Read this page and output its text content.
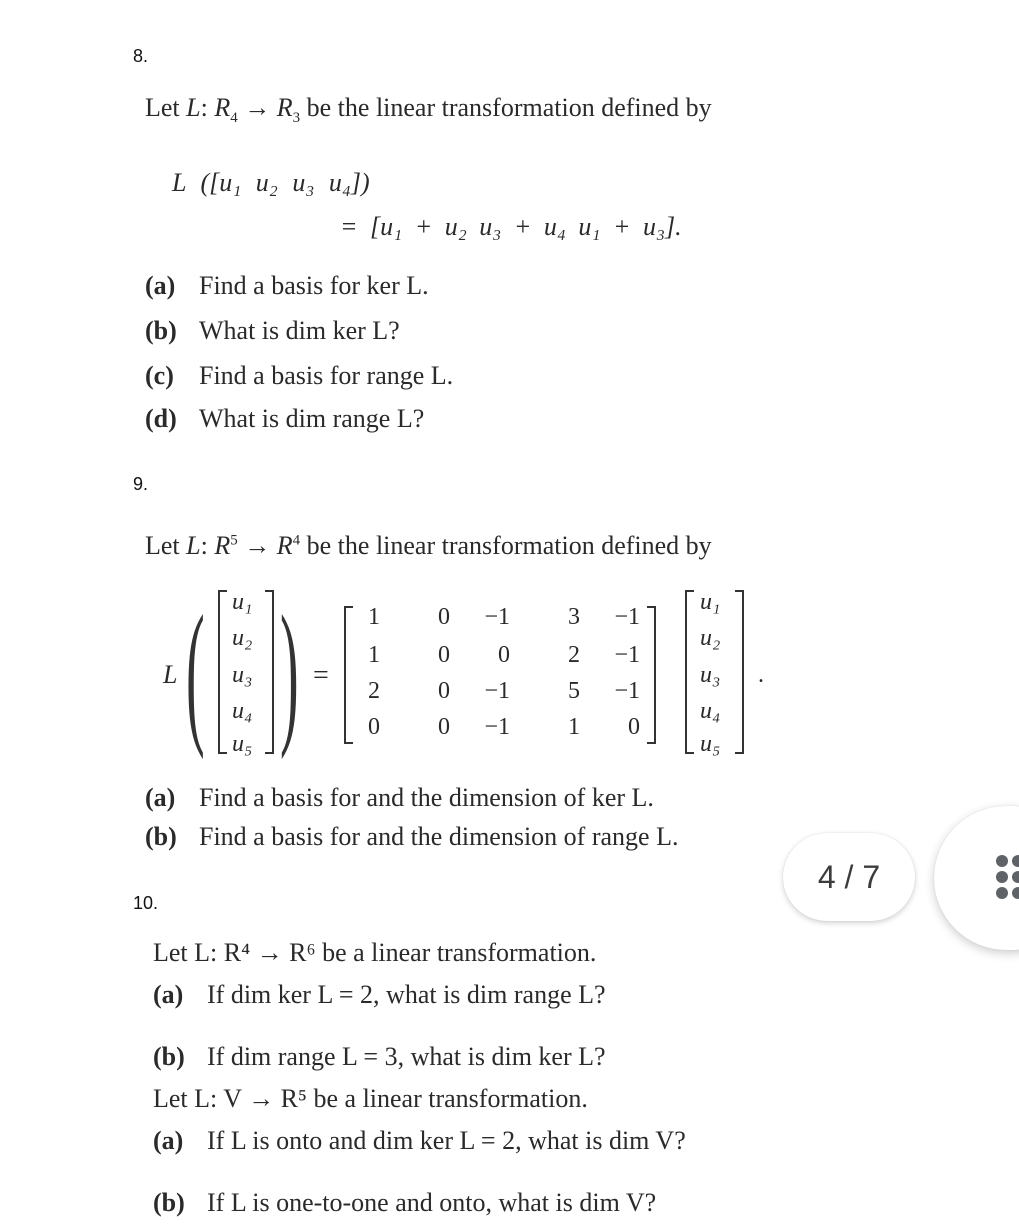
8.
Let L: $R_4 \to R_3$ be the linear transformation defined by
L ([u₁ u₂ u₃ u₄])
= [u₁ + u₂ u₃ + u₄ u₁ + u₃].
(a) Find a basis for ker L.
(b) What is dim ker L?
(c) Find a basis for range L.
(d) What is dim range L?
9.
Let L: $R^5 \to R^4$ be the linear transformation defined by
L ( u₁
u₂
u₃
u₄
u₅ ) =
1	0	−1	3	−1
1	0	0	2	−1
2	0	−1	5	−1
0	0	−1	1	0
u₁
u₂
u₃
u₄
u₅
.
(a) Find a basis for and the dimension of ker L.
(b) Find a basis for and the dimension of range L.
10.
Let L: R⁴ → R⁶ be a linear transformation.
(a) If dim ker L = 2, what is dim range L?
(b) If dim range L = 3, what is dim ker L?
Let L: V → R⁵ be a linear transformation.
(a) If L is onto and dim ker L = 2, what is dim V?
(b) If L is one-to-one and onto, what is dim V?
4 / 7
